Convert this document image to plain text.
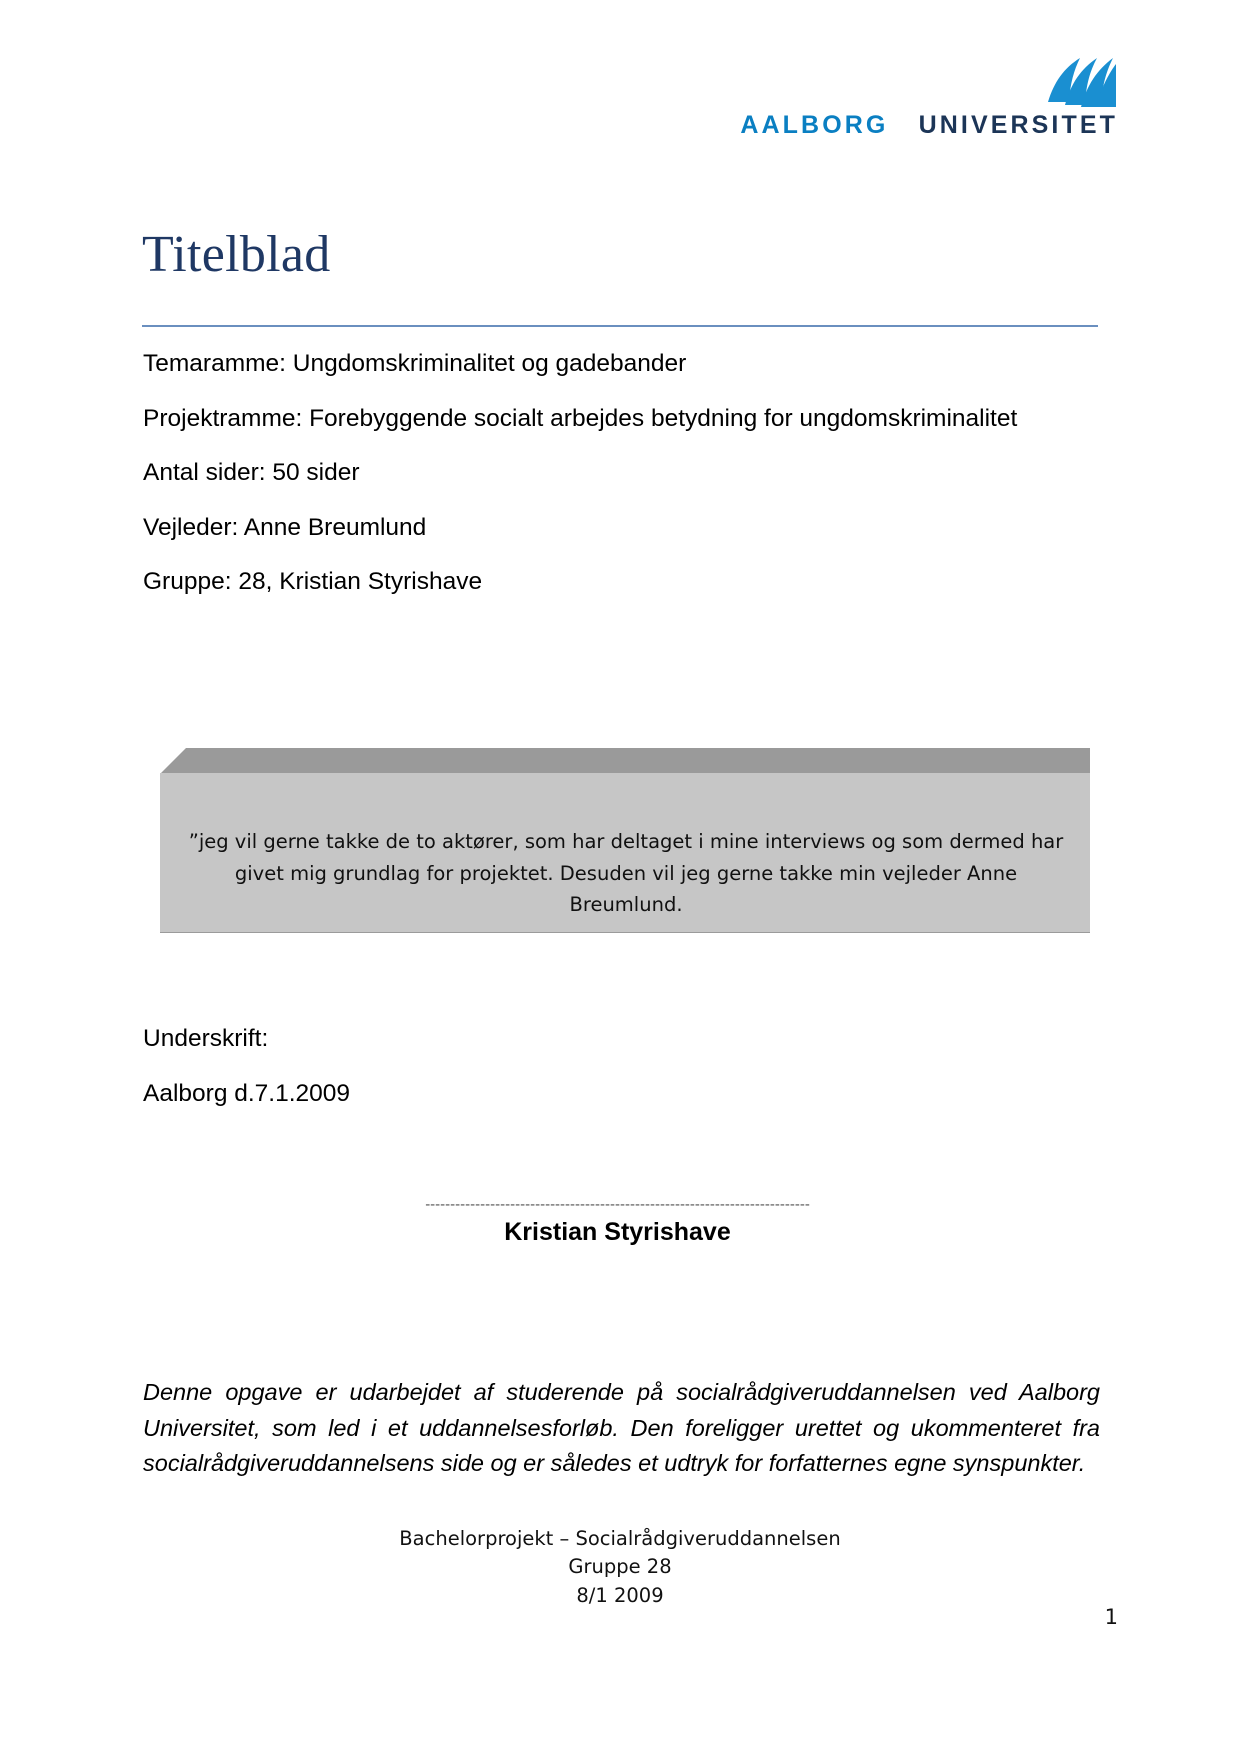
AALBORG UNIVERSITET
Titelblad
Temaramme: Ungdomskriminalitet og gadebander
Projektramme: Forebyggende socialt arbejdes betydning for ungdomskriminalitet
Antal sider: 50 sider
Vejleder: Anne Breumlund
Gruppe: 28, Kristian Styrishave
”jeg vil gerne takke de to aktører, som har deltaget i mine interviews og som dermed har givet mig grundlag for projektet. Desuden vil jeg gerne takke min vejleder Anne Breumlund.
Underskrift:
Aalborg d.7.1.2009
-----------------------------------------------------------------------------
Kristian Styrishave
Denne opgave er udarbejdet af studerende på socialrådgiveruddannelsen ved Aalborg Universitet, som led i et uddannelsesforløb. Den foreligger urettet og ukommenteret fra socialrådgiveruddannelsens side og er således et udtryk for forfatternes egne synspunkter.
Bachelorprojekt – Socialrådgiveruddannelsen
Gruppe 28
8/1 2009
1
